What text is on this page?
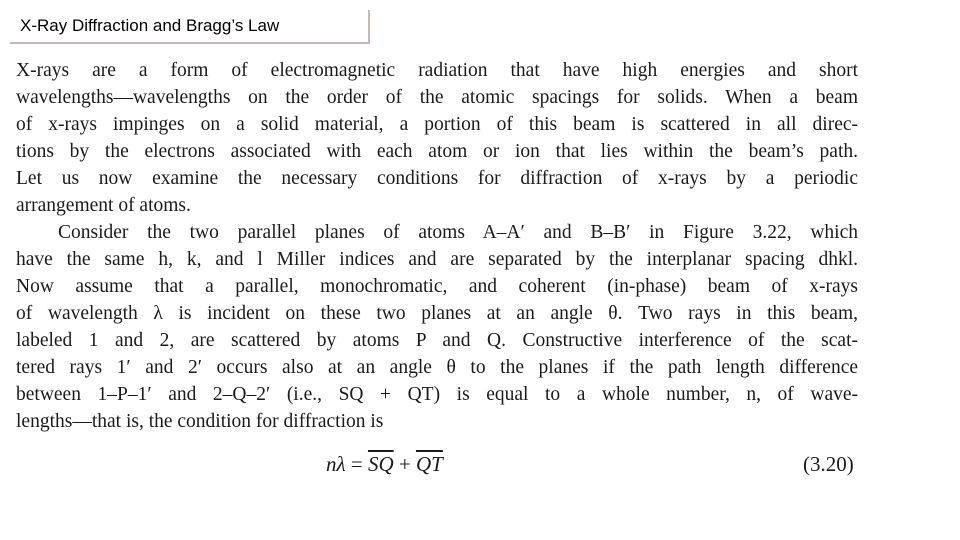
X-Ray Diffraction and Bragg’s Law
X-rays are a form of electromagnetic radiation that have high energies and short
wavelengths—wavelengths on the order of the atomic spacings for solids. When a beam
of x-rays impinges on a solid material, a portion of this beam is scattered in all direc-
tions by the electrons associated with each atom or ion that lies within the beam’s path.
Let us now examine the necessary conditions for diffraction of x-rays by a periodic
arrangement of atoms.
Consider the two parallel planes of atoms A–A′ and B–B′ in Figure 3.22, which
have the same h, k, and l Miller indices and are separated by the interplanar spacing dhkl.
Now assume that a parallel, monochromatic, and coherent (in-phase) beam of x-rays
of wavelength λ is incident on these two planes at an angle θ. Two rays in this beam,
labeled 1 and 2, are scattered by atoms P and Q. Constructive interference of the scat-
tered rays 1′ and 2′ occurs also at an angle θ to the planes if the path length difference
between 1–P–1′ and 2–Q–2′ (i.e., SQ + QT) is equal to a whole number, n, of wave-
lengths—that is, the condition for diffraction is
$n\lambda = \overline{SQ} + \overline{QT}$	(3.20)
